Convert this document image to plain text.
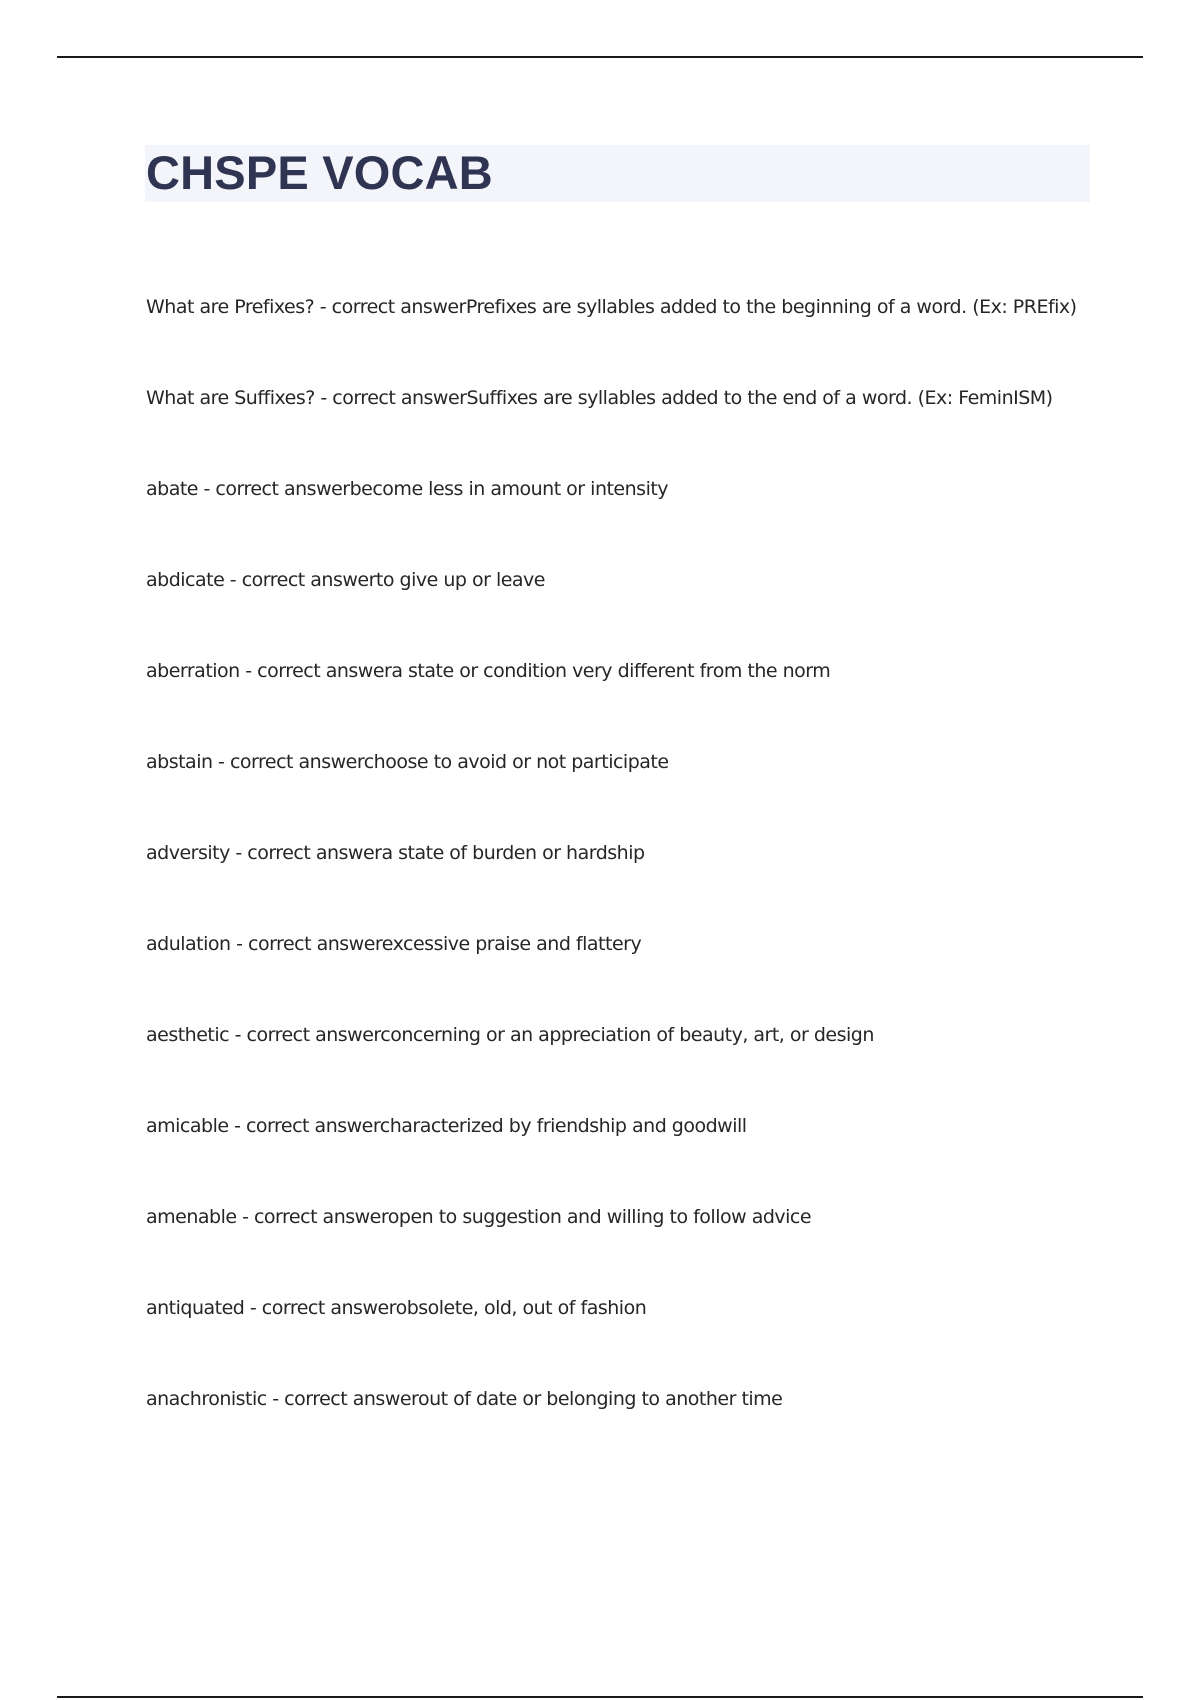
CHSPE VOCAB
What are Prefixes? - correct answerPrefixes are syllables added to the beginning of a word. (Ex: PREfix)
What are Suffixes? - correct answerSuffixes are syllables added to the end of a word. (Ex: FeminISM)
abate - correct answerbecome less in amount or intensity
abdicate - correct answerto give up or leave
aberration - correct answera state or condition very different from the norm
abstain - correct answerchoose to avoid or not participate
adversity - correct answera state of burden or hardship
adulation - correct answerexcessive praise and flattery
aesthetic - correct answerconcerning or an appreciation of beauty, art, or design
amicable - correct answercharacterized by friendship and goodwill
amenable - correct answeropen to suggestion and willing to follow advice
antiquated - correct answerobsolete, old, out of fashion
anachronistic - correct answerout of date or belonging to another time
